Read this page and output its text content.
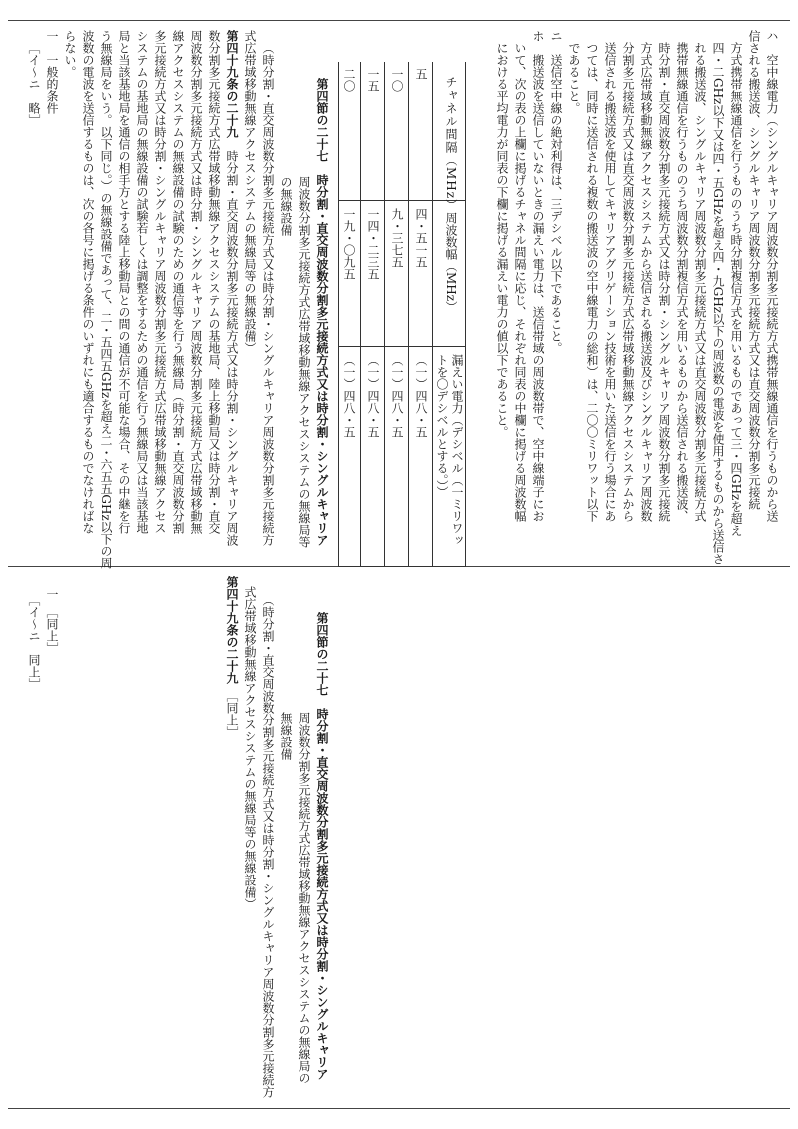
ハ　空中線電力（シングルキャリア周波数分割多元接続方式携帯無線通信を行うものから送
信される搬送波、シングルキャリア周波数分割多元接続方式又は直交周波数分割多元接続
方式携帯無線通信を行うもののうち時分割複信方式を用いるものであって三・四GHzを超え
四・二GHz以下又は四・五GHzを超え四・九GHz以下の周波数の電波を使用するものから送信さ
れる搬送波、シングルキャリア周波数分割多元接続方式又は直交周波数分割多元接続方式
携帯無線通信を行うもののうち周波数分割複信方式を用いるものから送信される搬送波、
時分割・直交周波数分割多元接続方式又は時分割・シングルキャリア周波数分割多元接続
方式広帯域移動無線アクセスシステムから送信される搬送波及びシングルキャリア周波数
分割多元接続方式又は直交周波数分割多元接続方式広帯域移動無線アクセスシステムから
送信される搬送波を使用してキャリアアグリゲーション技術を用いた送信を行う場合にあ
つては、同時に送信される複数の搬送波の空中線電力の総和）は、二〇〇ミリワット以下
であること。
ニ　送信空中線の絶対利得は、三デシベル以下であること。
ホ　搬送波を送信していないときの漏えい電力は、送信帯域の周波数帯で、空中線端子にお
いて、次の表の上欄に掲げるチャネル間隔に応じ、それぞれ同表の中欄に掲げる周波数幅
における平均電力が同表の下欄に掲げる漏えい電力の値以下であること。
チャネル間隔（MHz）
周波数幅（MHz）
漏えい電力（デシベル（一ミリワットを〇デシベルとする。））
五
四・五一五
（一）四八・五
一〇
九・三七五
（一）四八・五
一五
一四・二三五
（一）四八・五
二〇
一九・〇九五
（一）四八・五
第四節の二十七　時分割・直交周波数分割多元接続方式又は時分割・シングルキャリア
周波数分割多元接続方式広帯域移動無線アクセスシステムの無線局等
の無線設備
（時分割・直交周波数分割多元接続方式又は時分割・シングルキャリア周波数分割多元接続方
式広帯域移動無線アクセスシステムの無線局等の無線設備）
第四十九条の二十九　時分割・直交周波数分割多元接続方式又は時分割・シングルキャリア周波
数分割多元接続方式広帯域移動無線アクセスシステムの基地局、陸上移動局又は時分割・直交
周波数分割多元接続方式又は時分割・シングルキャリア周波数分割多元接続方式広帯域移動無
線アクセスシステムの無線設備の試験のための通信等を行う無線局（時分割・直交周波数分割
多元接続方式又は時分割・シングルキャリア周波数分割多元接続方式広帯域移動無線アクセス
システムの基地局の無線設備の試験若しくは調整をするための通信を行う無線局又は当該基地
局と当該基地局を通信の相手方とする陸上移動局との間の通信が不可能な場合、その中継を行
う無線局をいう。以下同じ。）の無線設備であって、二・五四五GHzを超え二・六五五GHz以下の周
波数の電波を送信するものは、次の各号に掲げる条件のいずれにも適合するものでなければな
らない。
一　一般的条件
［イ〜ニ　略］
第四節の二十七　時分割・直交周波数分割多元接続方式又は時分割・シングルキャリア
周波数分割多元接続方式広帯域移動無線アクセスシステムの無線局の
無線設備
（時分割・直交周波数分割多元接続方式又は時分割・シングルキャリア周波数分割多元接続方
式広帯域移動無線アクセスシステムの無線局等の無線設備）
第四十九条の二十九　［同上］
一　［同上］
［イ〜ニ　同上］
